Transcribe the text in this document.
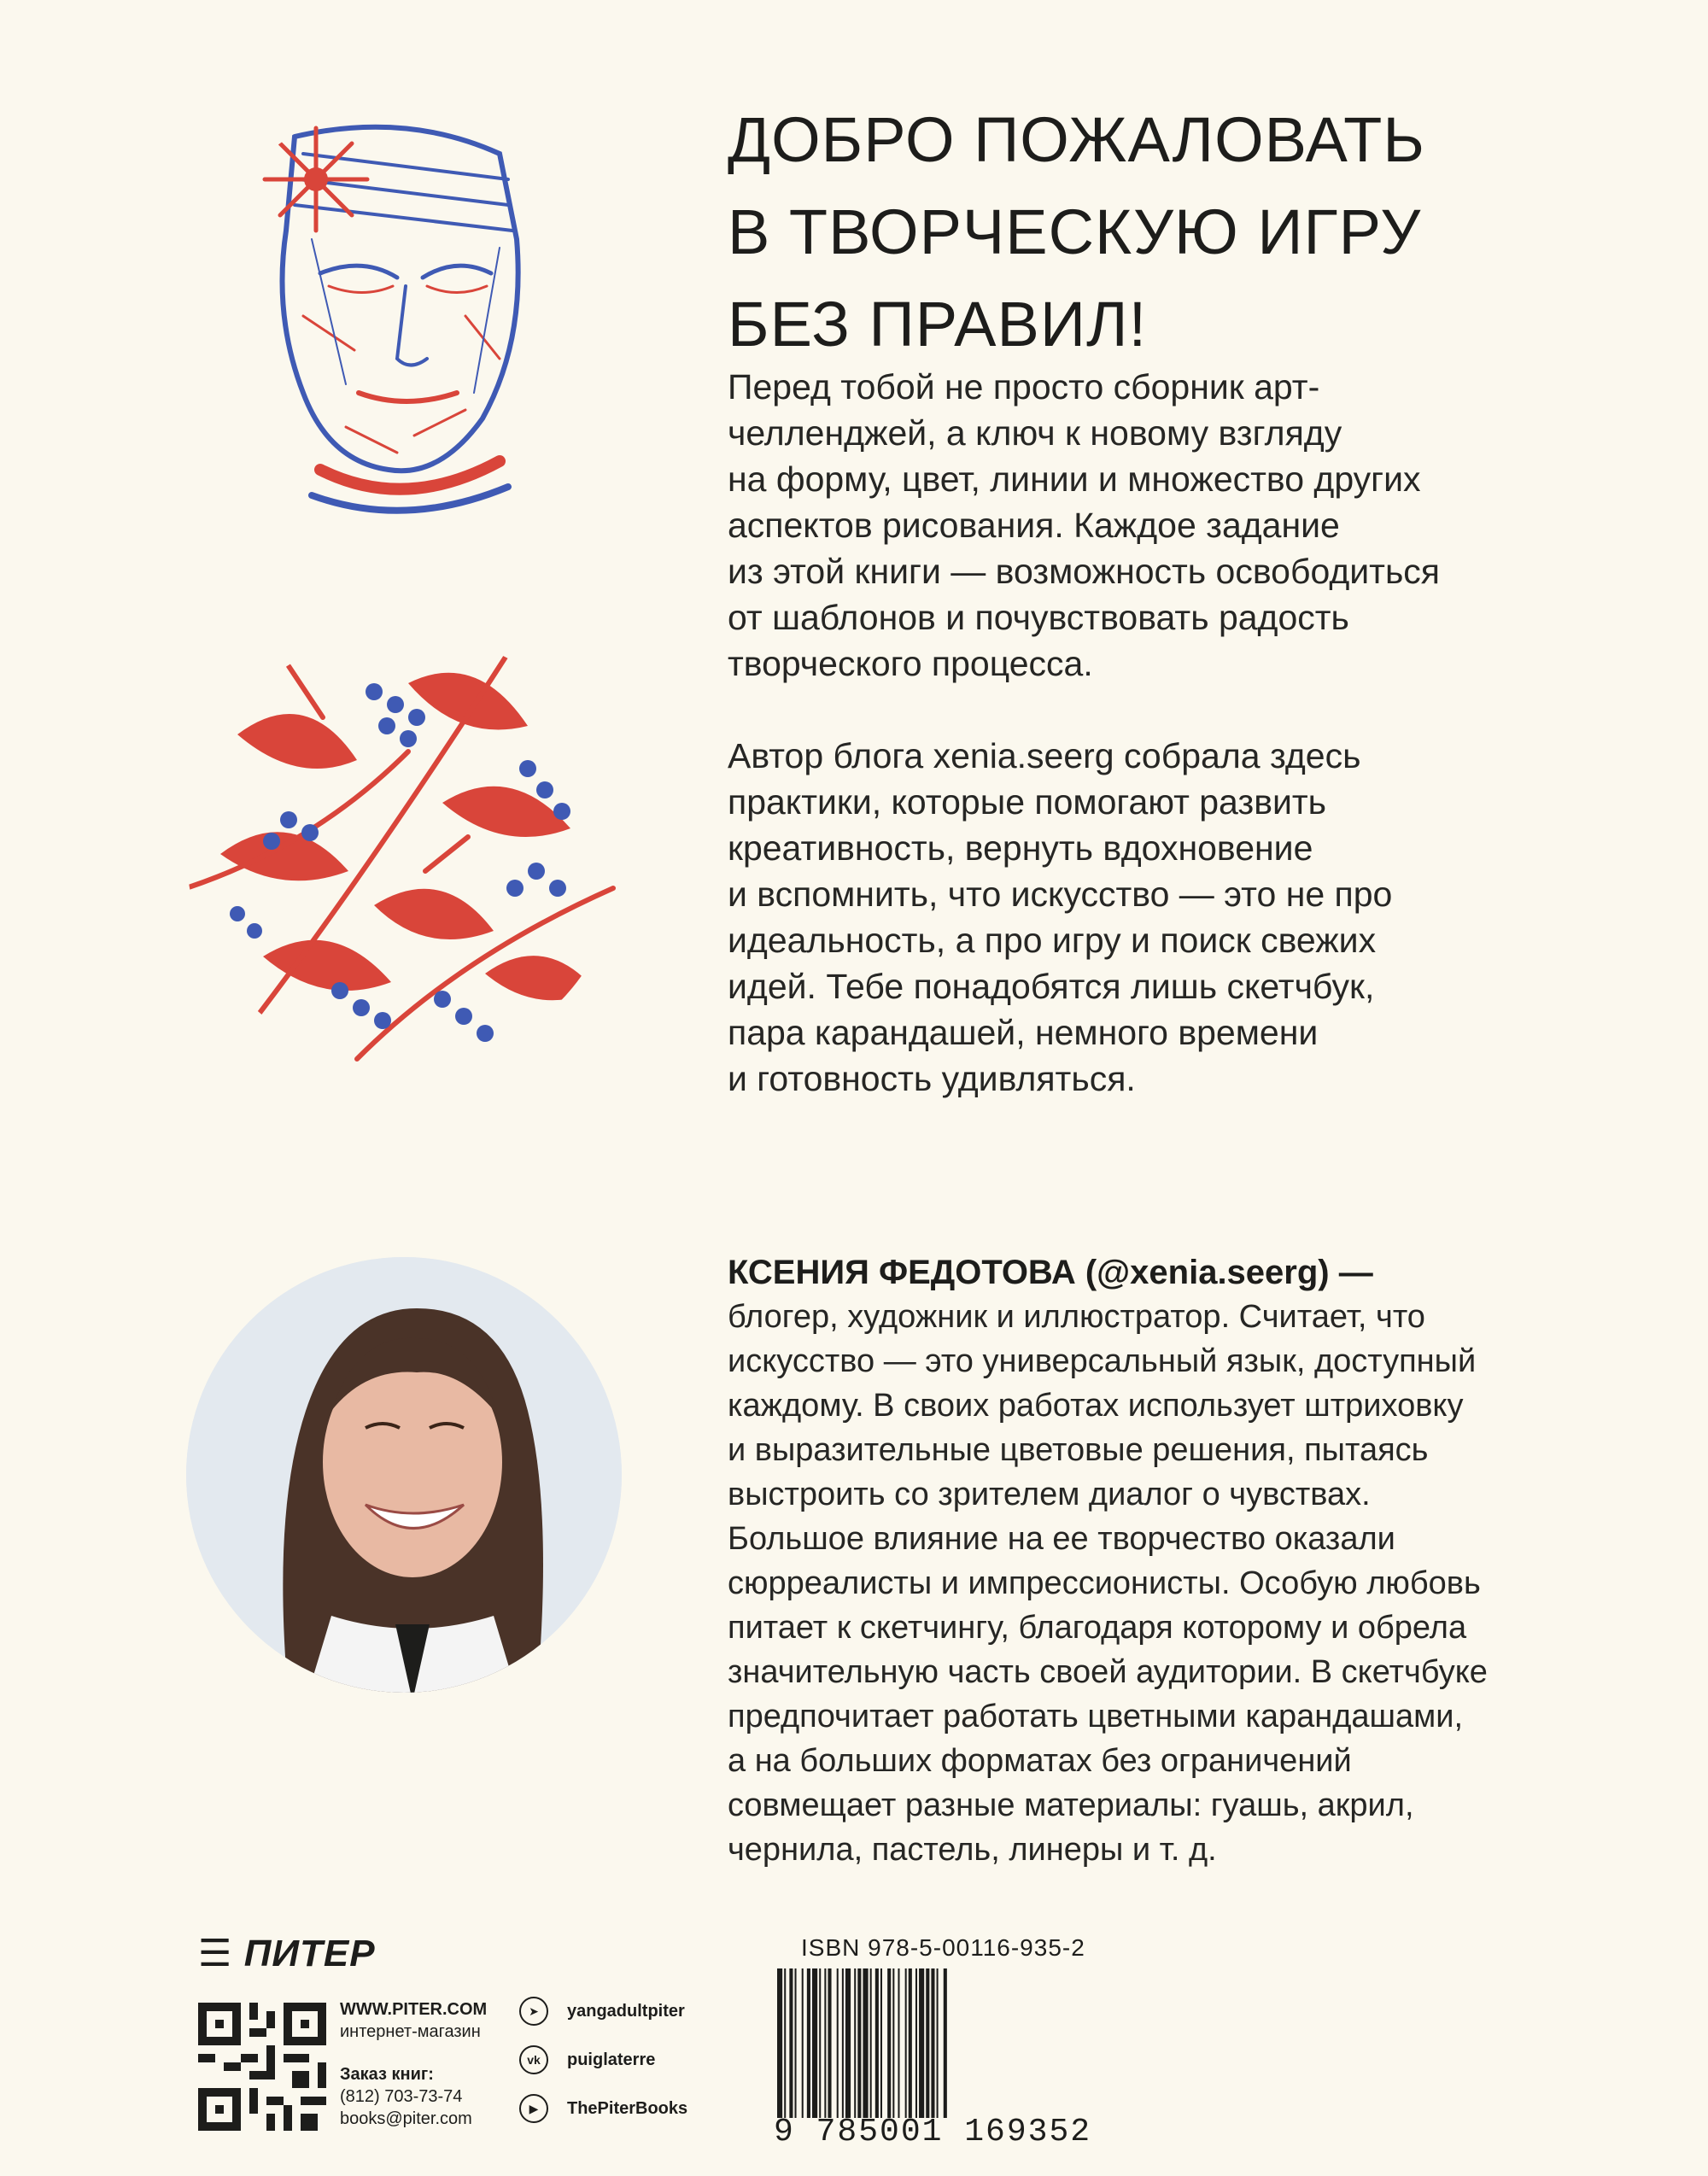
ДОБРО ПОЖАЛОВАТЬ
В ТВОРЧЕСКУЮ ИГРУ
БЕЗ ПРАВИЛ!
Перед тобой не просто сборник арт-
челленджей, а ключ к новому взгляду
на форму, цвет, линии и множество других
аспектов рисования. Каждое задание
из этой книги — возможность освободиться
от шаблонов и почувствовать радость
творческого процесса.
Автор блога xenia.seerg собрала здесь
практики, которые помогают развить
креативность, вернуть вдохновение
и вспомнить, что искусство — это не про
идеальность, а про игру и поиск свежих
идей. Тебе понадобятся лишь скетчбук,
пара карандашей, немного времени
и готовность удивляться.
КСЕНИЯ ФЕДОТОВА (@xenia.seerg) —
блогер, художник и иллюстратор. Считает, что
искусство — это универсальный язык, доступный
каждому. В своих работах использует штриховку
и выразительные цветовые решения, пытаясь
выстроить со зрителем диалог о чувствах.
Большое влияние на ее творчество оказали
сюрреалисты и импрессионисты. Особую любовь
питает к скетчингу, благодаря которому и обрела
значительную часть своей аудитории. В скетчбуке
предпочитает работать цветными карандашами,
а на больших форматах без ограничений
совмещает разные материалы: гуашь, акрил,
чернила, пастель, линеры и т. д.
☰ ПИТЕР
WWW.PITER.COM
интернет-магазин
Заказ книг:
(812) 703-73-74
books@piter.com
➤	yangadultpiter
vk	puiglaterre
▶	ThePiterBooks
ISBN 978-5-00116-935-2
9 785001 169352
